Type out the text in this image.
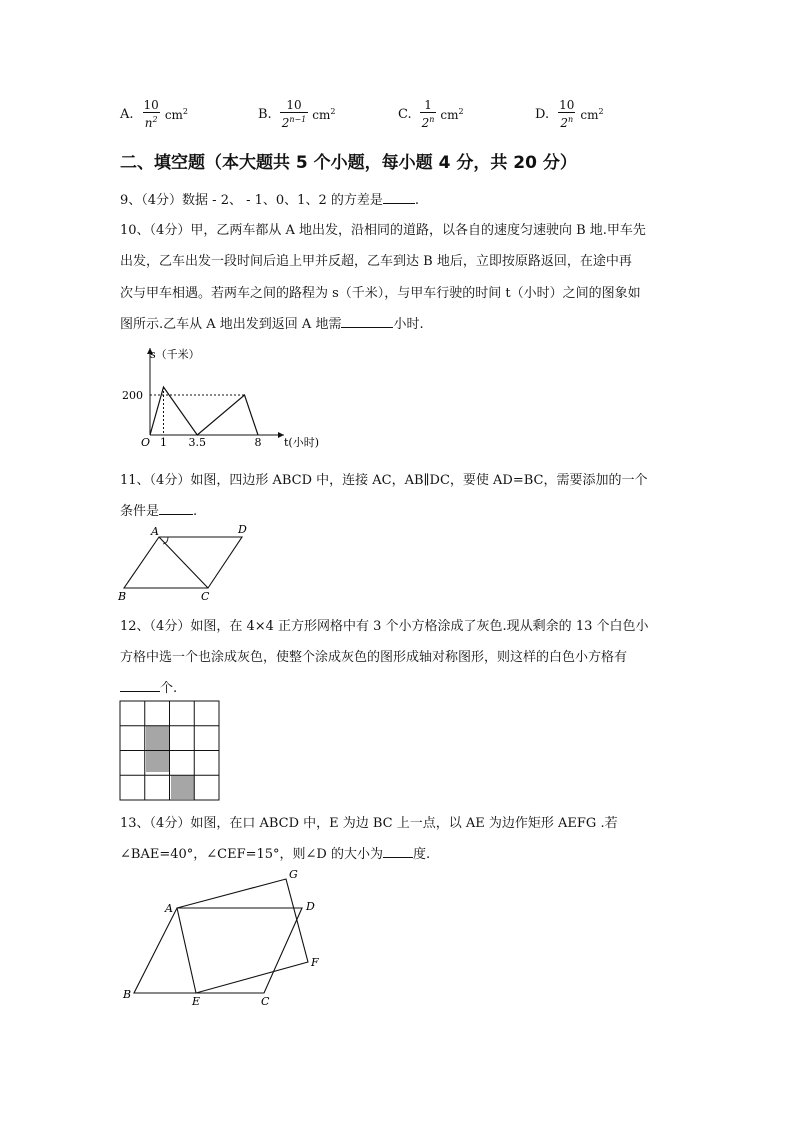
A. $\frac{10}{n^2} cm^2$	B. $\frac{10}{2^{n-1}} cm^2$	C. $\frac{1}{2^n} cm^2$	D. $\frac{10}{2^n} cm^2$
二、填空题（本大题共 5 个小题，每小题 4 分，共 20 分）
9、（4分）数据 - 2、 - 1、0、1、2 的方差是 .
10、（4分）甲，乙两车都从 A 地出发，沿相同的道路，以各自的速度匀速驶向 B 地.甲车先
出发，乙车出发一段时间后追上甲并反超，乙车到达 B 地后，立即按原路返回，在途中再
次与甲车相遇。若两车之间的路程为 s（千米），与甲车行驶的时间 t（小时）之间的图象如
图所示.乙车从 A 地出发到返回 A 地需	小时.
s（千米）
t(小时)
O
200
1 3.5	8
11、（4分）如图，四边形 ABCD 中，连接 AC，AB∥DC，要使 AD=BC，需要添加的一个
条件是	.
A	D
B	C
12、（4分）如图，在 4×4 正方形网格中有 3 个小方格涂成了灰色.现从剩余的 13 个白色小
方格中选一个也涂成灰色，使整个涂成灰色的图形成轴对称图形，则这样的白色小方格有
个.
13、（4分）如图，在口 ABCD 中，E 为边 BC 上一点，以 AE 为边作矩形 AEFG .若
∠BAE=40°，∠CEF=15°，则∠D 的大小为 度.
A
G
D
F
B
E	C
